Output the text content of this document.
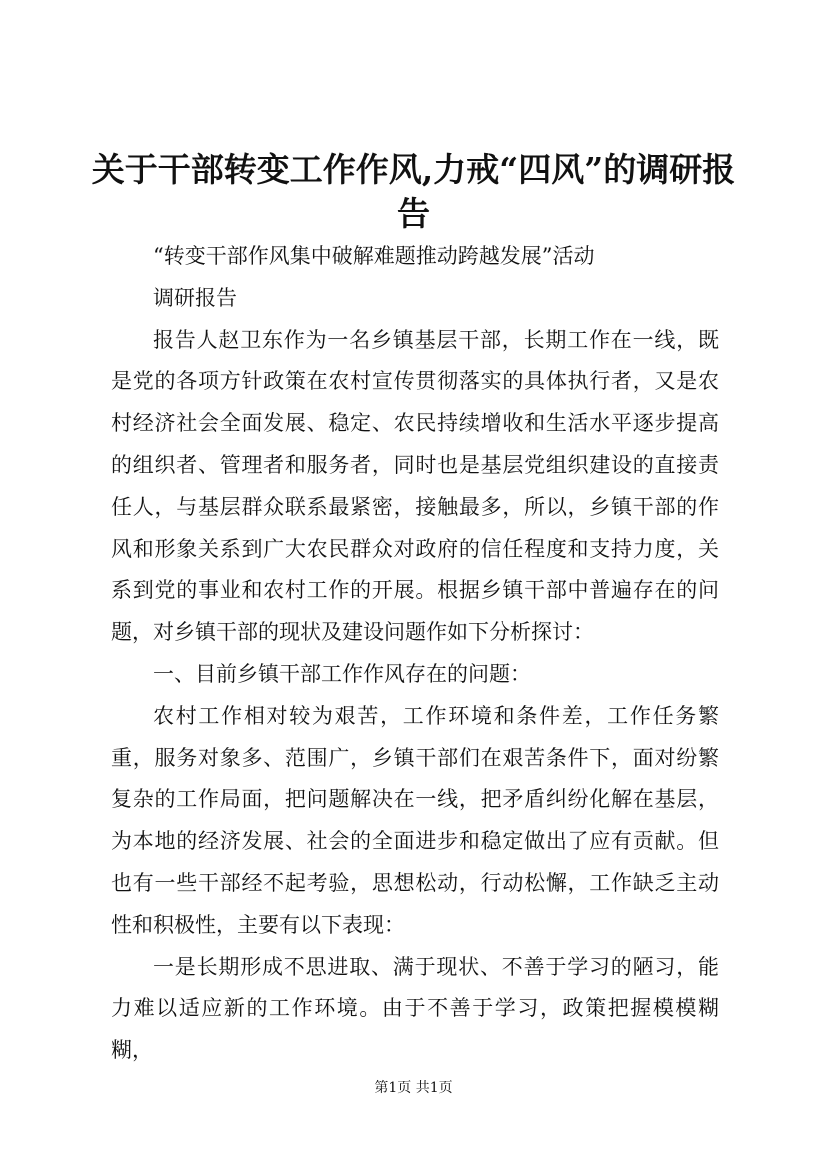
关于干部转变工作作风,力戒“四风”的调研报告

“转变干部作风集中破解难题推动跨越发展”活动

调研报告

报告人赵卫东作为一名乡镇基层干部，长期工作在一线，既是党的各项方针政策在农村宣传贯彻落实的具体执行者，又是农村经济社会全面发展、稳定、农民持续增收和生活水平逐步提高的组织者、管理者和服务者，同时也是基层党组织建设的直接责任人，与基层群众联系最紧密，接触最多，所以，乡镇干部的作风和形象关系到广大农民群众对政府的信任程度和支持力度，关系到党的事业和农村工作的开展。根据乡镇干部中普遍存在的问题，对乡镇干部的现状及建设问题作如下分析探讨：

一、目前乡镇干部工作作风存在的问题：

农村工作相对较为艰苦，工作环境和条件差，工作任务繁重，服务对象多、范围广，乡镇干部们在艰苦条件下，面对纷繁复杂的工作局面，把问题解决在一线，把矛盾纠纷化解在基层，为本地的经济发展、社会的全面进步和稳定做出了应有贡献。但也有一些干部经不起考验，思想松动，行动松懈，工作缺乏主动性和积极性，主要有以下表现：

一是长期形成不思进取、满于现状、不善于学习的陋习，能力难以适应新的工作环境。由于不善于学习，政策把握模模糊糊，

第1页 共1页
